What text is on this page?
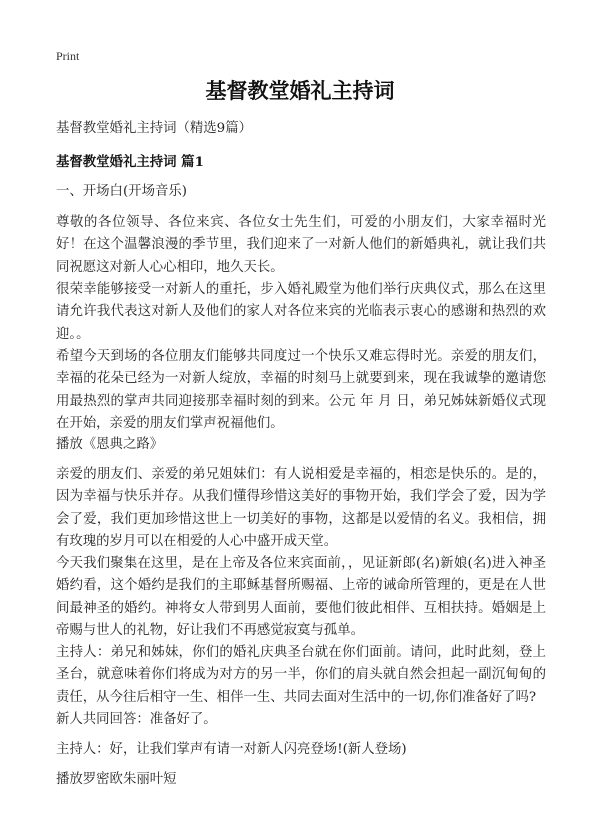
Print
基督教堂婚礼主持词

基督教堂婚礼主持词（精选9篇）

基督教堂婚礼主持词 篇1

一、开场白(开场音乐)

尊敬的各位领导、各位来宾、各位女士先生们，可爱的小朋友们，大家幸福时光好！在这个温馨浪漫的季节里，我们迎来了一对新人他们的新婚典礼，就让我们共同祝愿这对新人心心相印，地久天长。

很荣幸能够接受一对新人的重托，步入婚礼殿堂为他们举行庆典仪式，那么在这里请允许我代表这对新人及他们的家人对各位来宾的光临表示衷心的感谢和热烈的欢迎。。

希望今天到场的各位朋友们能够共同度过一个快乐又难忘得时光。亲爱的朋友们，幸福的花朵已经为一对新人绽放，幸福的时刻马上就要到来，现在我诚挚的邀请您用最热烈的掌声共同迎接那幸福时刻的到来。公元 年 月 日，弟兄姊妹新婚仪式现在开始，亲爱的朋友们掌声祝福他们。

播放《恩典之路》

亲爱的朋友们、亲爱的弟兄姐妹们：有人说相爱是幸福的，相恋是快乐的。是的，因为幸福与快乐并存。从我们懂得珍惜这美好的事物开始，我们学会了爱，因为学会了爱，我们更加珍惜这世上一切美好的事物，这都是以爱情的名义。我相信，拥有玫瑰的岁月可以在相爱的人心中盛开成天堂。

今天我们聚集在这里，是在上帝及各位来宾面前，，见证新郎(名)新娘(名)进入神圣婚约看，这个婚约是我们的主耶稣基督所赐福、上帝的诫命所管理的，更是在人世间最神圣的婚约。神将女人带到男人面前，要他们彼此相伴、互相扶持。婚姻是上帝赐与世人的礼物，好让我们不再感觉寂寞与孤单。

主持人：弟兄和姊妹，你们的婚礼庆典圣台就在你们面前。请问，此时此刻，登上圣台，就意味着你们将成为对方的另一半，你们的肩头就自然会担起一副沉甸甸的责任，从今往后相守一生、相伴一生、共同去面对生活中的一切,你们准备好了吗?

新人共同回答：准备好了。

主持人：好，让我们掌声有请一对新人闪亮登场!(新人登场)

播放罗密欧朱丽叶短
